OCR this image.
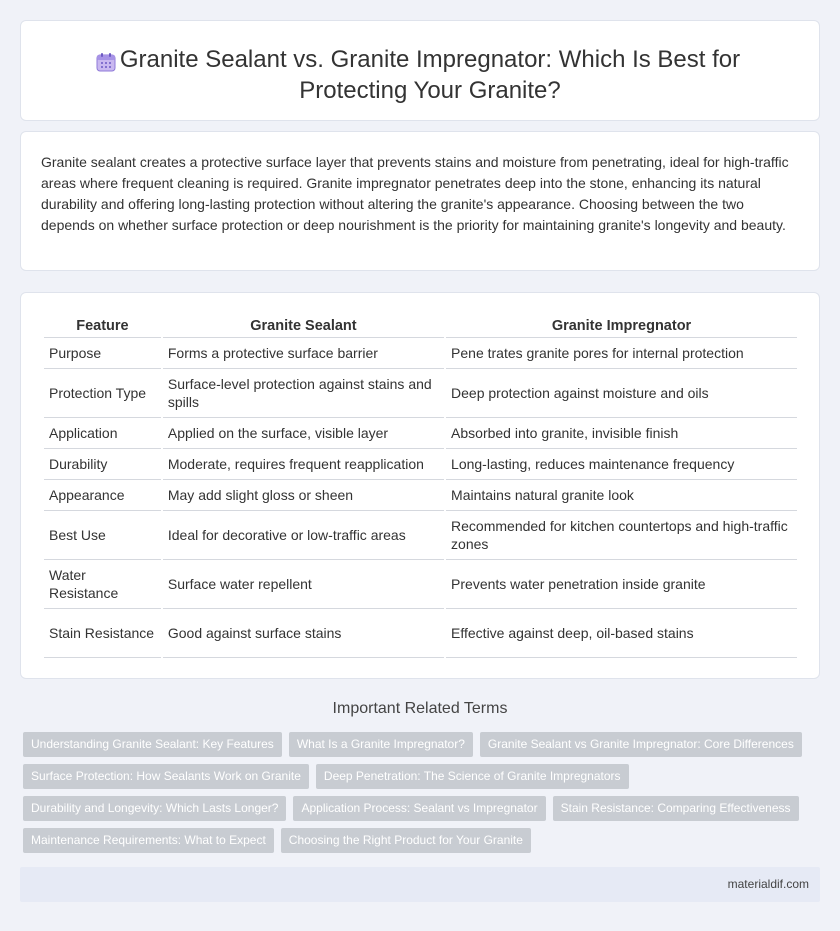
Granite Sealant vs. Granite Impregnator: Which Is Best for Protecting Your Granite?

Granite sealant creates a protective surface layer that prevents stains and moisture from penetrating, ideal for high-traffic areas where frequent cleaning is required. Granite impregnator penetrates deep into the stone, enhancing its natural durability and offering long-lasting protection without altering the granite's appearance. Choosing between the two depends on whether surface protection or deep nourishment is the priority for maintaining granite's longevity and beauty.

Feature	Granite Sealant	Granite Impregnator
Purpose	Forms a protective surface barrier	Pene trates granite pores for internal protection
Protection Type	Surface-level protection against stains and spills	Deep protection against moisture and oils
Application	Applied on the surface, visible layer	Absorbed into granite, invisible finish
Durability	Moderate, requires frequent reapplication	Long-lasting, reduces maintenance frequency
Appearance	May add slight gloss or sheen	Maintains natural granite look
Best Use	Ideal for decorative or low-traffic areas	Recommended for kitchen countertops and high-traffic zones
Water Resistance	Surface water repellent	Prevents water penetration inside granite
Stain Resistance	Good against surface stains	Effective against deep, oil-based stains
Important Related Terms
Understanding Granite Sealant: Key Features	What Is a Granite Impregnator?	Granite Sealant vs Granite Impregnator: Core Differences
Surface Protection: How Sealants Work on Granite	Deep Penetration: The Science of Granite Impregnators
Durability and Longevity: Which Lasts Longer?	Application Process: Sealant vs Impregnator	Stain Resistance: Comparing Effectiveness
Maintenance Requirements: What to Expect	Choosing the Right Product for Your Granite
materialdif.com
